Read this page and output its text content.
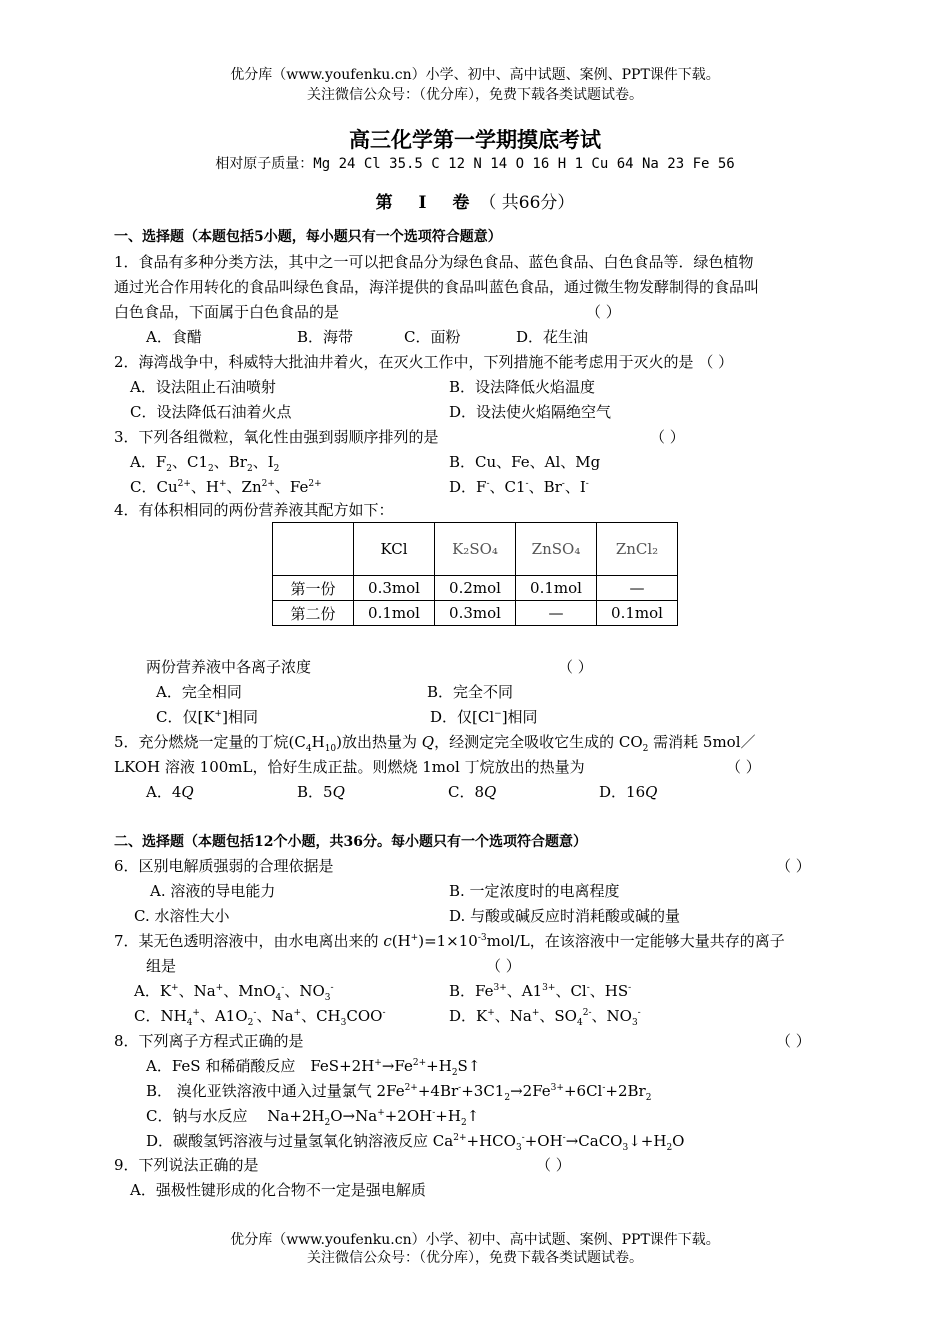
优分库（www.youfenku.cn）小学、初中、高中试题、案例、PPT课件下载。
关注微信公众号：（优分库），免费下载各类试题试卷。
高三化学第一学期摸底考试
相对原子质量：Mg 24 Cl 35.5 C 12 N 14 O 16 H 1 Cu 64 Na 23 Fe 56
第 Ⅰ 卷（ 共66分）
一、选择题（本题包括5小题，每小题只有一个选项符合题意）
1．食品有多种分类方法，其中之一可以把食品分为绿色食品、蓝色食品、白色食品等．绿色植物
通过光合作用转化的食品叫绿色食品，海洋提供的食品叫蓝色食品，通过微生物发酵制得的食品叫
白色食品，下面属于白色食品的是	（ ）
A．食醋	B．海带	C．面粉	D．花生油
2．海湾战争中，科威特大批油井着火，在灭火工作中，下列措施不能考虑用于灭火的是 （ ）
A．设法阻止石油喷射	B．设法降低火焰温度
C．设法降低石油着火点	D．设法使火焰隔绝空气
3．下列各组微粒，氧化性由强到弱顺序排列的是	（ ）
A．$F_2$、$C1_2$、$Br_2$、$I_2$	B．Cu、Fe、Al、Mg
C．$Cu^{2+}$、H+、$Zn^{2+}$、$Fe^{2+}$	D．F-、C1-、Br-、I-
4．有体积相同的两份营养液其配方如下：
	KCl	K₂SO₄	ZnSO₄	ZnCl₂
第一份	0.3mol	0.2mol	0.1mol	—
第二份	0.1mol	0.3mol	—	0.1mol
两份营养液中各离子浓度	（ ）
A．完全相同	B．完全不同
C．仅[K+]相同	D．仅[Cl−]相同
5．充分燃烧一定量的丁烷$(C_4H_{10})$放出热量为 Q，经测定完全吸收它生成的 $CO_2$ 需消耗 5mol／
LKOH 溶液 100mL，恰好生成正盐。则燃烧 1mol 丁烷放出的热量为	（ ）
A．4Q	B．5Q	C．8Q	D．16Q
二、选择题（本题包括12个小题，共36分。每小题只有一个选项符合题意）
6．区别电解质强弱的合理依据是	（ ）
A. 溶液的导电能力	B. 一定浓度时的电离程度
C. 水溶性大小	D. 与酸或碱反应时消耗酸或碱的量
7．某无色透明溶液中，由水电离出来的 $c(H^+)=1\times 10^{-3}mol/L$，在该溶液中一定能够大量共存的离子
组是	（ ）
A．K+、Na+、MnO$_4$-、$NO_3^-$	B．$Fe^{3+}$、$A1^{3+}$、Cl-、HS-
C．$NH_4^+$、$A1O_2^-$、Na+、$CH_3COO^-$	D．K+、Na+、$SO_4^{2-}$、$NO_3^-$
8．下列离子方程式正确的是	（ ）
A．FeS 和稀硝酸反应　$FeS+2H^+\to Fe^{2+}+H_2S↑$
B． 溴化亚铁溶液中通入过量氯气 $2Fe^{2+}+4Br^-+3C1_2\to 2Fe^{3+}+6Cl^-+2Br_2$
C．钠与水反应　 $Na+2H_2O\to Na^++2OH^-+H_2↑$
D．碳酸氢钙溶液与过量氢氧化钠溶液反应 $Ca^{2+}+HCO_3^-+OH^-\to CaCO_3↓+H_2O$
9．下列说法正确的是	（ ）
A．强极性键形成的化合物不一定是强电解质
优分库（www.youfenku.cn）小学、初中、高中试题、案例、PPT课件下载。
关注微信公众号：（优分库），免费下载各类试题试卷。
